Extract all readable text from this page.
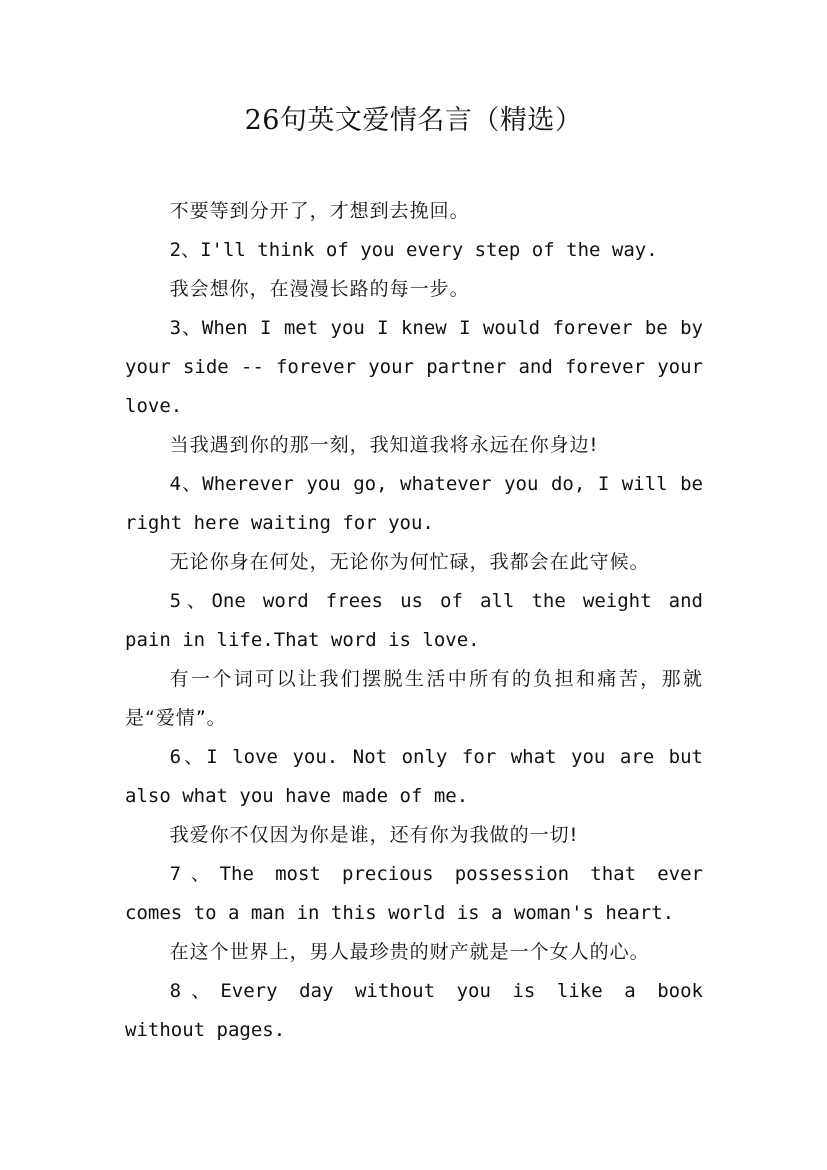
26句英文爱情名言（精选）

不要等到分开了，才想到去挽回。

2、I'll think of you every step of the way.

我会想你，在漫漫长路的每一步。

3、When I met you I knew I would forever be by your side -- forever your partner and forever your love.

当我遇到你的那一刻，我知道我将永远在你身边!

4、Wherever you go, whatever you do, I will be right here waiting for you.

无论你身在何处，无论你为何忙碌，我都会在此守候。

5、One word frees us of all the weight and pain in life.That word is love.

有一个词可以让我们摆脱生活中所有的负担和痛苦，那就是“爱情”。

6、I love you. Not only for what you are but also what you have made of me.

我爱你不仅因为你是谁，还有你为我做的一切!

7、The most precious possession that ever comes to a man in this world is a woman's heart.

在这个世界上，男人最珍贵的财产就是一个女人的心。

8、Every day without you is like a book without pages.
